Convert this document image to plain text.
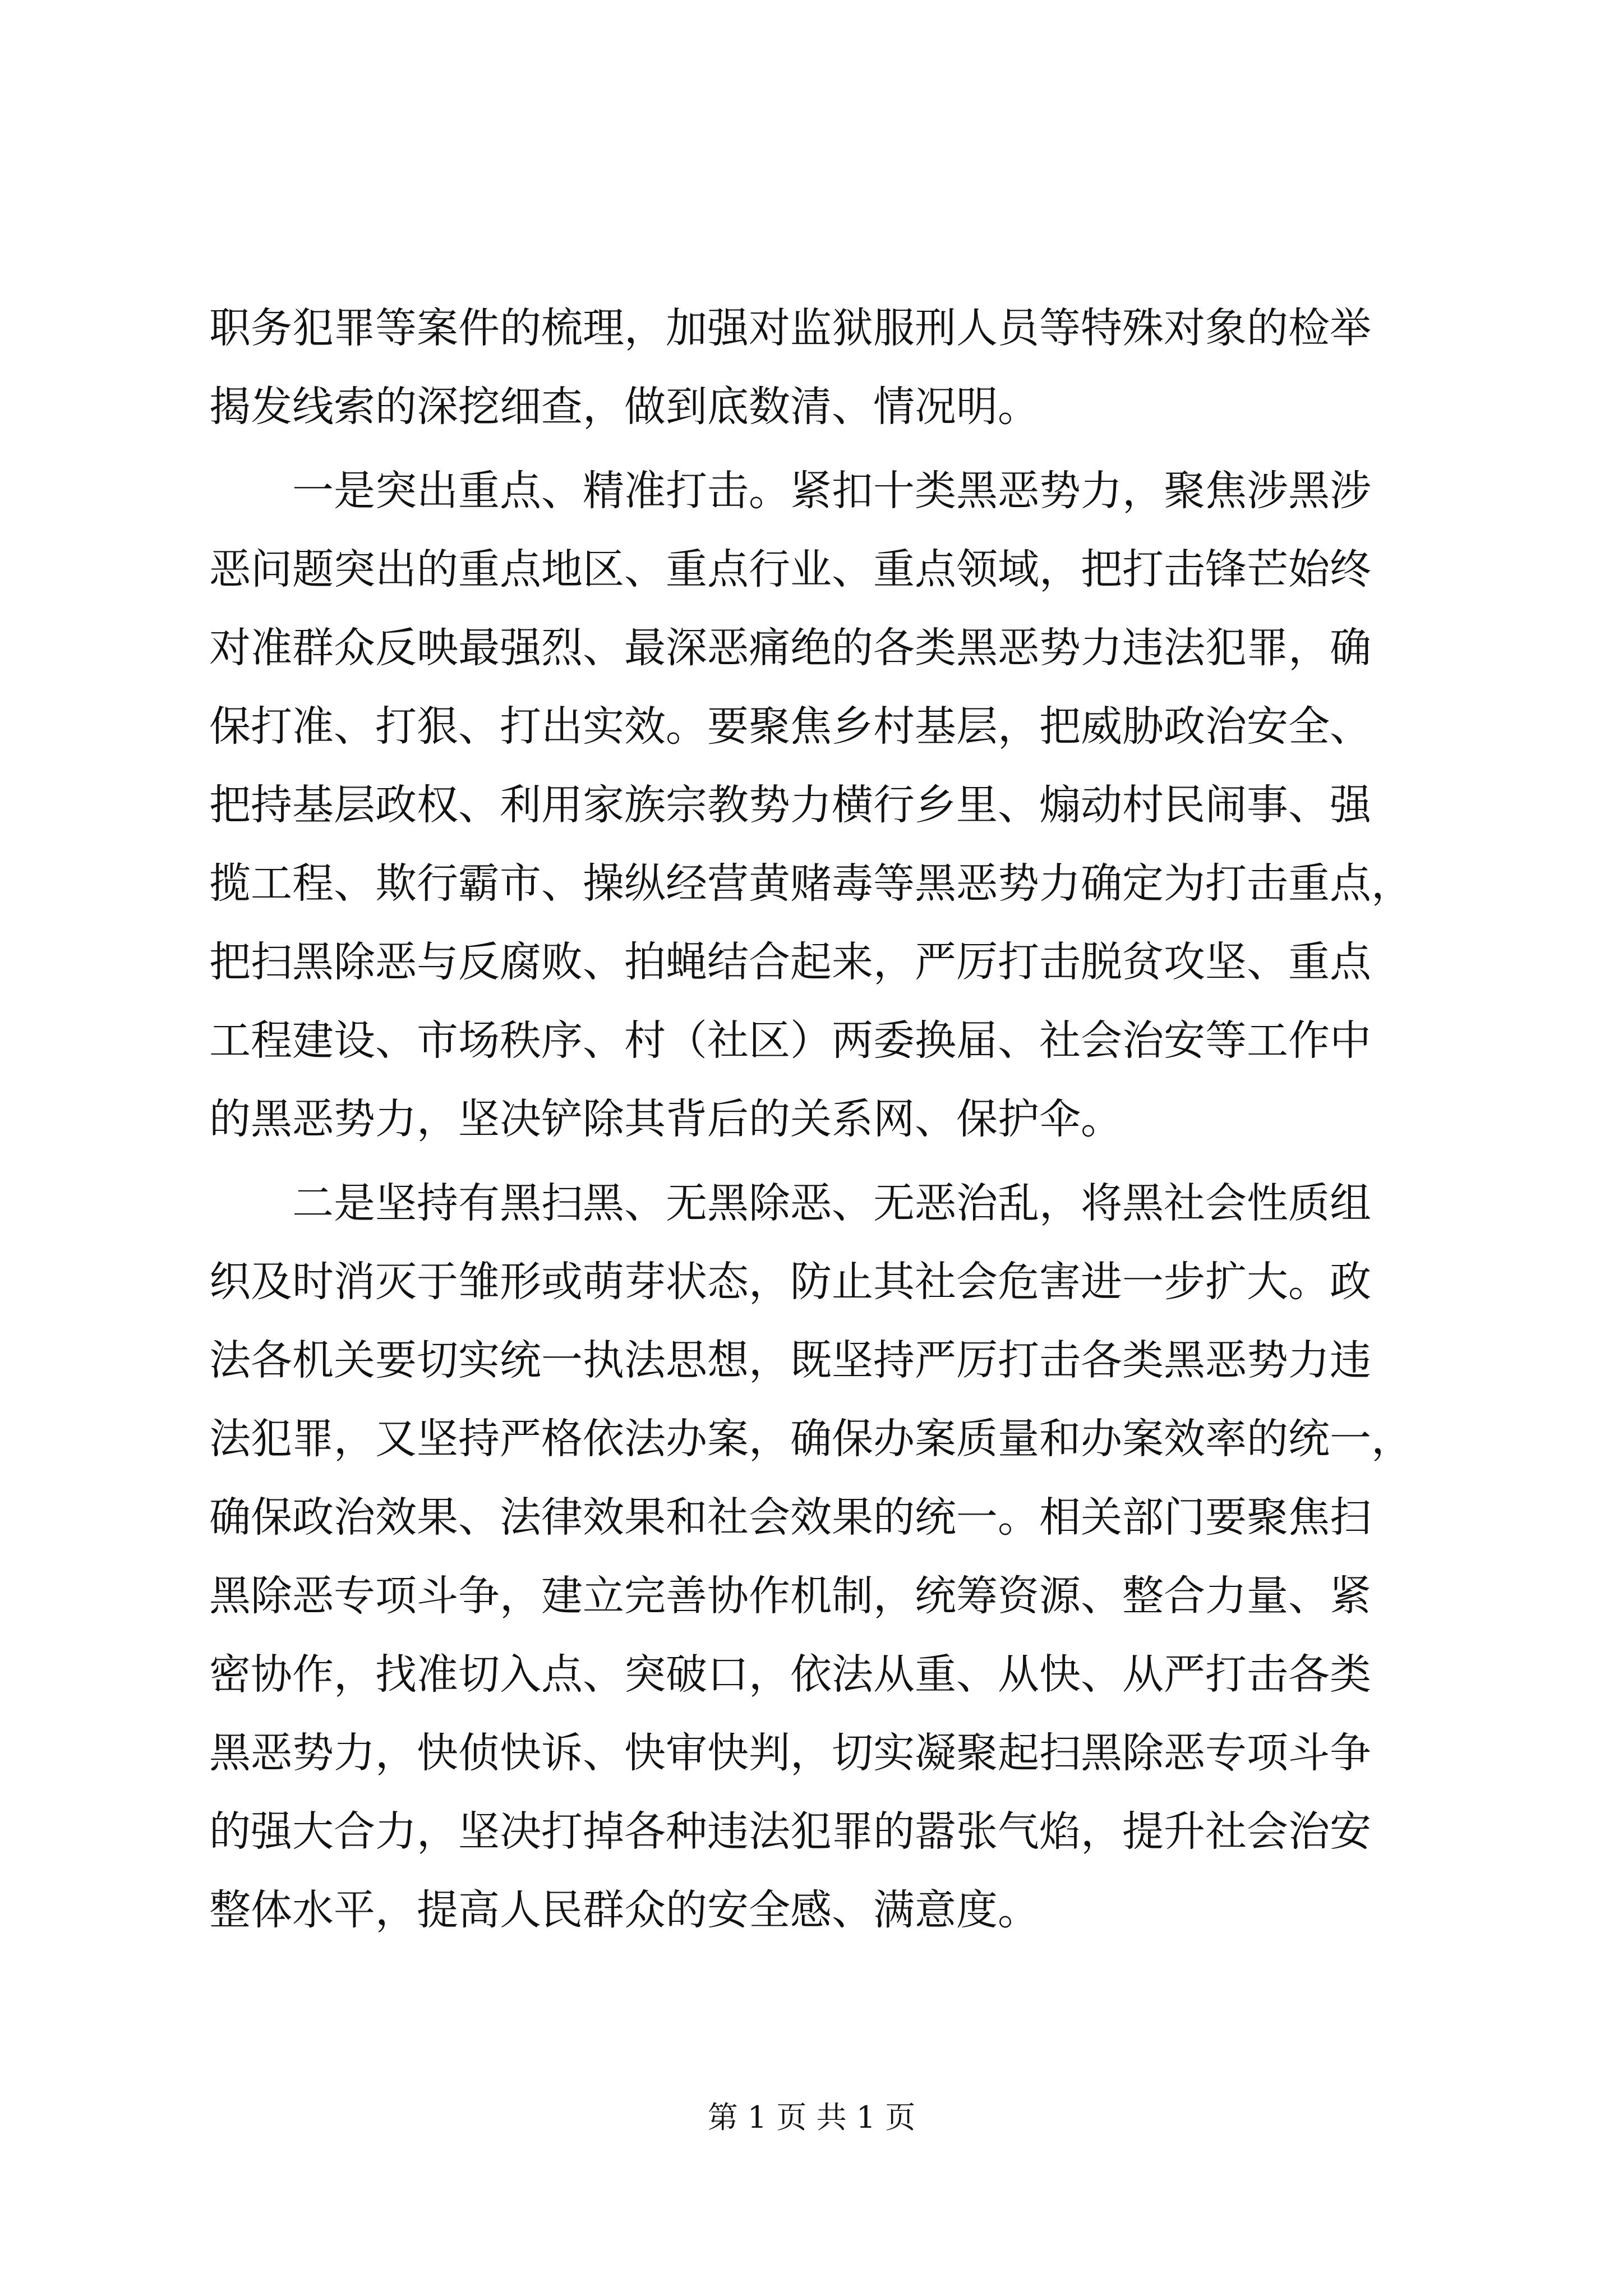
职务犯罪等案件的梳理，加强对监狱服刑人员等特殊对象的检举
揭发线索的深挖细查，做到底数清、情况明。
一是突出重点、精准打击。紧扣十类黑恶势力，聚焦涉黑涉
恶问题突出的重点地区、重点行业、重点领域，把打击锋芒始终
对准群众反映最强烈、最深恶痛绝的各类黑恶势力违法犯罪，确
保打准、打狠、打出实效。要聚焦乡村基层，把威胁政治安全、
把持基层政权、利用家族宗教势力横行乡里、煽动村民闹事、强
揽工程、欺行霸市、操纵经营黄赌毒等黑恶势力确定为打击重点，
把扫黑除恶与反腐败、拍蝇结合起来，严厉打击脱贫攻坚、重点
工程建设、市场秩序、村（社区）两委换届、社会治安等工作中
的黑恶势力，坚决铲除其背后的关系网、保护伞。
二是坚持有黑扫黑、无黑除恶、无恶治乱，将黑社会性质组
织及时消灭于雏形或萌芽状态，防止其社会危害进一步扩大。政
法各机关要切实统一执法思想，既坚持严厉打击各类黑恶势力违
法犯罪，又坚持严格依法办案，确保办案质量和办案效率的统一，
确保政治效果、法律效果和社会效果的统一。相关部门要聚焦扫
黑除恶专项斗争，建立完善协作机制，统筹资源、整合力量、紧
密协作，找准切入点、突破口，依法从重、从快、从严打击各类
黑恶势力，快侦快诉、快审快判，切实凝聚起扫黑除恶专项斗争
的强大合力，坚决打掉各种违法犯罪的嚣张气焰，提升社会治安
整体水平，提高人民群众的安全感、满意度。
第 1 页 共 1 页
